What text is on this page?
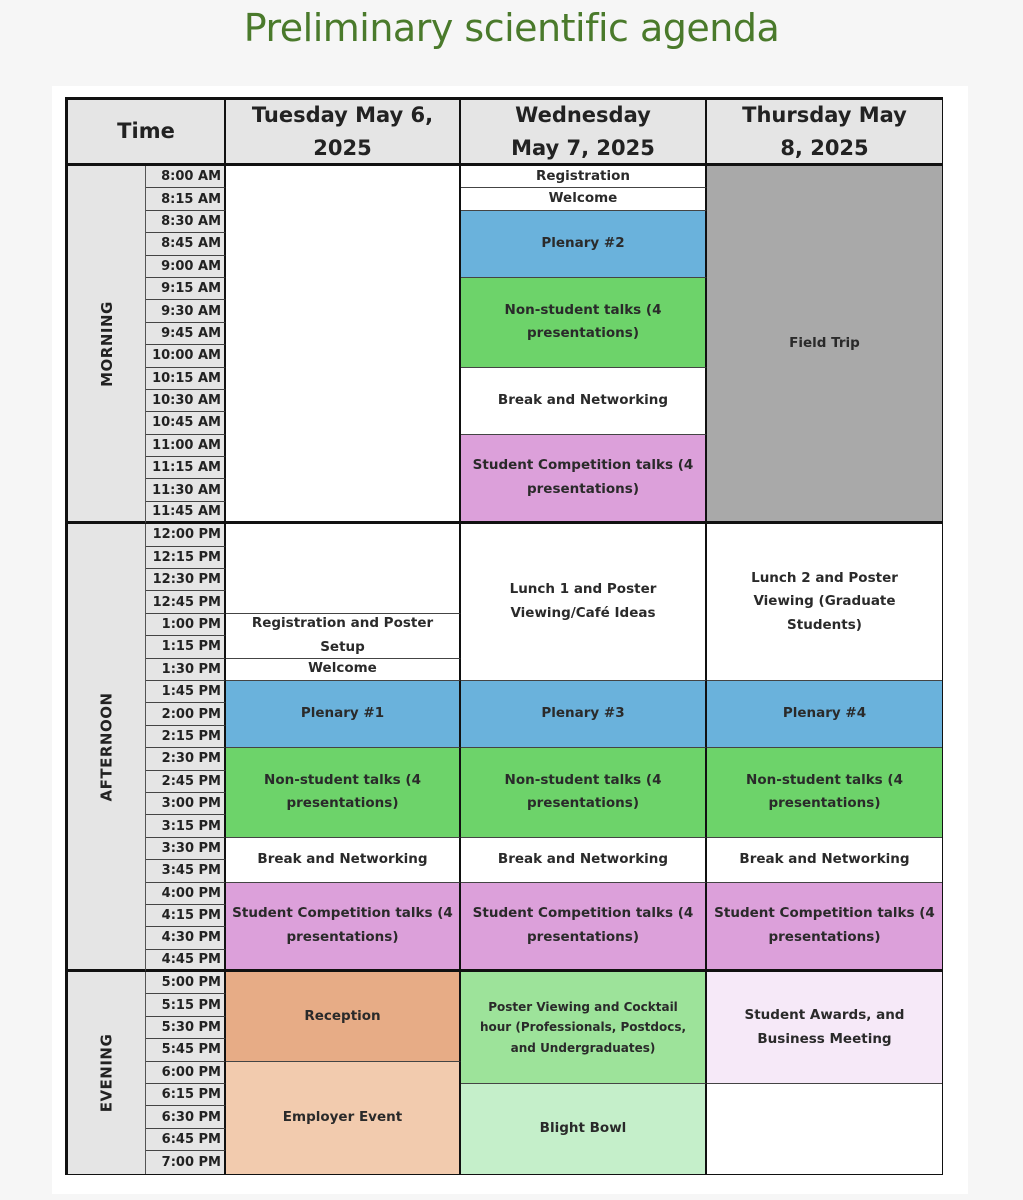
Preliminary scientific agenda
Time
Tuesday May 6, 2025
Wednesday May 7, 2025
Thursday May 8, 2025
MORNING
AFTERNOON
EVENING
Registration and Poster Setup
Welcome
Plenary #1
Non-student talks (4 presentations)
Break and Networking
Student Competition talks (4 presentations)
Reception
Employer Event
Registration
Welcome
Plenary #2
Non-student talks (4 presentations)
Break and Networking
Student Competition talks (4 presentations)
Lunch 1 and Poster Viewing/Café Ideas
Plenary #3
Non-student talks (4 presentations)
Break and Networking
Student Competition talks (4 presentations)
Poster Viewing and Cocktail hour (Professionals, Postdocs, and Undergraduates)
Blight Bowl
Field Trip
Lunch 2 and Poster Viewing (Graduate Students)
Plenary #4
Non-student talks (4 presentations)
Break and Networking
Student Competition talks (4 presentations)
Student Awards, and Business Meeting
8:00 AM
8:15 AM
8:30 AM
8:45 AM
9:00 AM
9:15 AM
9:30 AM
9:45 AM
10:00 AM
10:15 AM
10:30 AM
10:45 AM
11:00 AM
11:15 AM
11:30 AM
11:45 AM
12:00 PM
12:15 PM
12:30 PM
12:45 PM
1:00 PM
1:15 PM
1:30 PM
1:45 PM
2:00 PM
2:15 PM
2:30 PM
2:45 PM
3:00 PM
3:15 PM
3:30 PM
3:45 PM
4:00 PM
4:15 PM
4:30 PM
4:45 PM
5:00 PM
5:15 PM
5:30 PM
5:45 PM
6:00 PM
6:15 PM
6:30 PM
6:45 PM
7:00 PM
